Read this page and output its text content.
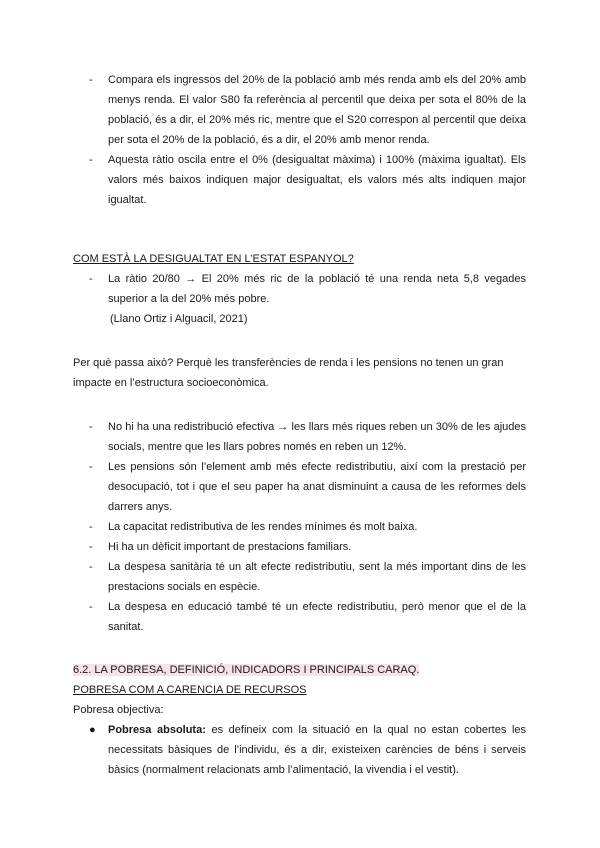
- Compara els ingressos del 20% de la població amb més renda amb els del 20% amb menys renda. El valor S80 fa referència al percentil que deixa per sota el 80% de la població, és a dir, el 20% més ric, mentre que el S20 correspon al percentil que deixa per sota el 20% de la població, és a dir, el 20% amb menor renda.
- Aquesta ràtio oscila entre el 0% (desigualtat màxima) i 100% (màxima igualtat). Els valors més baixos indiquen major desigualtat, els valors més alts indiquen major igualtat.
COM ESTÀ LA DESIGUALTAT EN L’ESTAT ESPANYOL?
- La ràtio 20/80 → El 20% més ric de la població té una renda neta 5,8 vegades superior a la del 20% més pobre.
(Llano Ortiz i Alguacil, 2021)
Per què passa això? Perquè les transferències de renda i les pensions no tenen un gran impacte en l’estructura socioeconòmica.
- No hi ha una redistribució efectiva → les llars més riques reben un 30% de les ajudes socials, mentre que les llars pobres només en reben un 12%.
- Les pensions són l’element amb més efecte redistributiu, així com la prestació per desocupació, tot i que el seu paper ha anat disminuint a causa de les reformes dels darrers anys.
- La capacitat redistributiva de les rendes mínimes és molt baixa.
- Hi ha un dèficit important de prestacions familiars.
- La despesa sanitària té un alt efecte redistributiu, sent la més important dins de les prestacions socials en espècie.
- La despesa en educació també té un efecte redistributiu, però menor que el de la sanitat.
6.2. LA POBRESA, DEFINICIÓ, INDICADORS I PRINCIPALS CARAQ.
POBRESA COM A CARENCIA DE RECURSOS
Pobresa objectiva:
● Pobresa absoluta: es defineix com la situació en la qual no estan cobertes les necessitats bàsiques de l’individu, és a dir, existeixen carències de béns i serveis bàsics (normalment relacionats amb l’alimentació, la vivendia i el vestit).
